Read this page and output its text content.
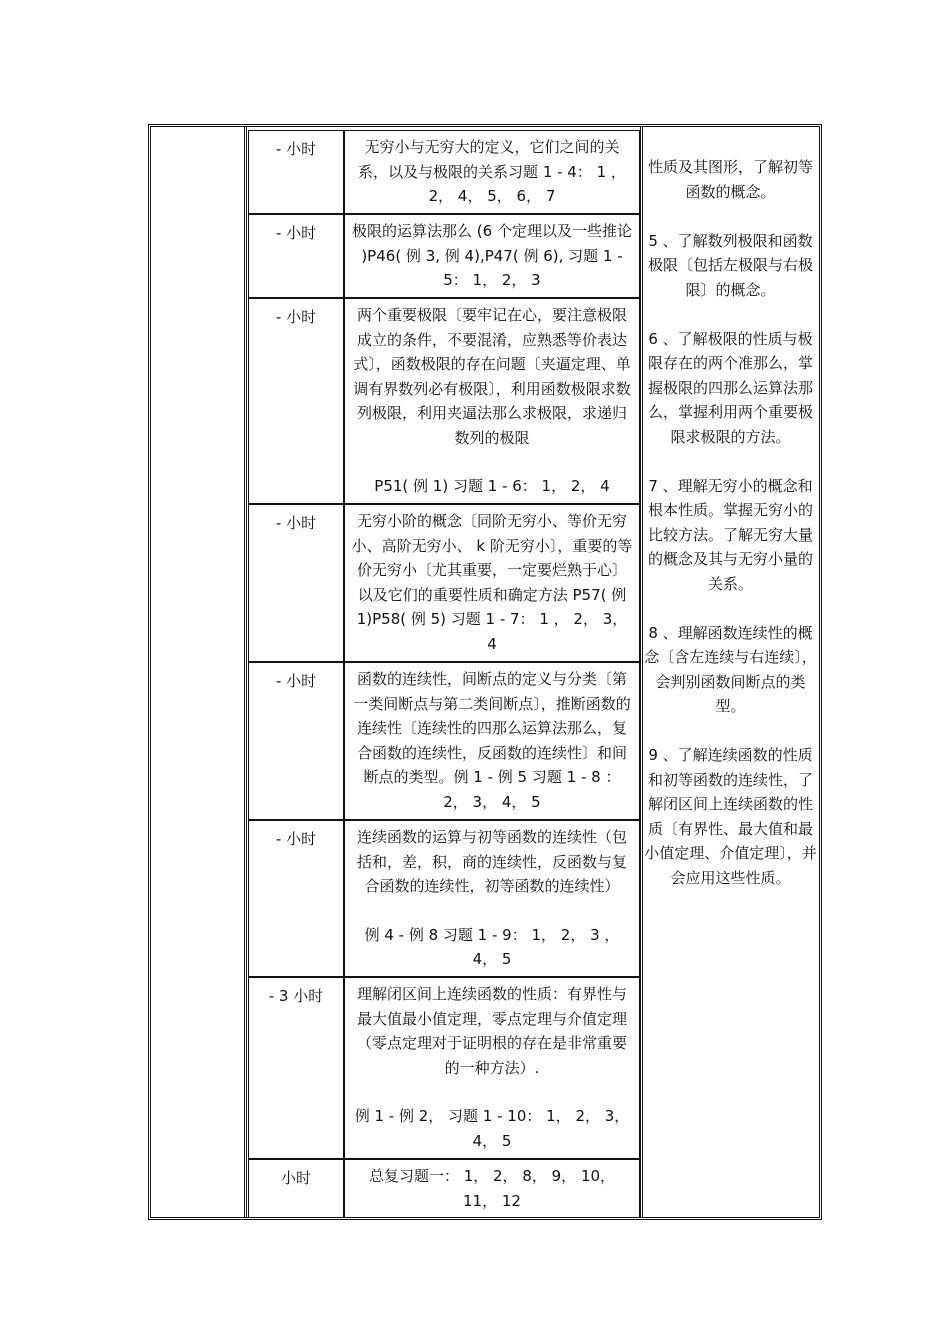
- 小时	无穷小与无穷大的定义，它们之间的关系，以及与极限的关系习题 1 - 4： 1 ， 2， 4， 5， 6， 7
- 小时	极限的运算法那么 (6 个定理以及一些推论 )P46( 例 3, 例 4),P47( 例 6), 习题 1 - 5： 1， 2， 3
- 小时	两个重要极限〔要牢记在心，要注意极限成立的条件，不要混淆，应熟悉等价表达式〕，函数极限的存在问题〔夹逼定理、单调有界数列必有极限〕，利用函数极限求数列极限，利用夹逼法那么求极限，求递归数列的极限
P51( 例 1) 习题 1 - 6： 1， 2， 4
- 小时	无穷小阶的概念〔同阶无穷小、等价无穷小、高阶无穷小、 k 阶无穷小〕，重要的等价无穷小〔尤其重要，一定要烂熟于心〕以及它们的重要性质和确定方法 P57( 例 1)P58( 例 5) 习题 1 - 7： 1 ， 2， 3， 4
- 小时	函数的连续性，间断点的定义与分类〔第一类间断点与第二类间断点〕，推断函数的连续性〔连续性的四那么运算法那么，复合函数的连续性，反函数的连续性〕和间断点的类型。例 1 - 例 5 习题 1 - 8 ： 2， 3， 4， 5
- 小时	连续函数的运算与初等函数的连续性（包括和，差，积，商的连续性，反函数与复合函数的连续性，初等函数的连续性）
例 4 - 例 8 习题 1 - 9： 1， 2， 3 ， 4， 5
- 3 小时	理解闭区间上连续函数的性质：有界性与最大值最小值定理，零点定理与介值定理（零点定理对于证明根的存在是非常重要的一种方法）.
例 1 - 例 2， 习题 1 - 10： 1， 2， 3， 4， 5
小时	总复习题一： 1， 2， 8， 9， 10， 11， 12

性质及其图形，了解初等函数的概念。

5 、了解数列极限和函数极限〔包括左极限与右极限〕的概念。

6 、了解极限的性质与极限存在的两个准那么，掌握极限的四那么运算法那么，掌握利用两个重要极限求极限的方法。

7 、理解无穷小的概念和根本性质。掌握无穷小的比较方法。了解无穷大量的概念及其与无穷小量的关系。

8 、理解函数连续性的概念〔含左连续与右连续〕，会判别函数间断点的类型。

9 、了解连续函数的性质和初等函数的连续性，了解闭区间上连续函数的性质〔有界性、最大值和最小值定理、介值定理〕，并会应用这些性质。
